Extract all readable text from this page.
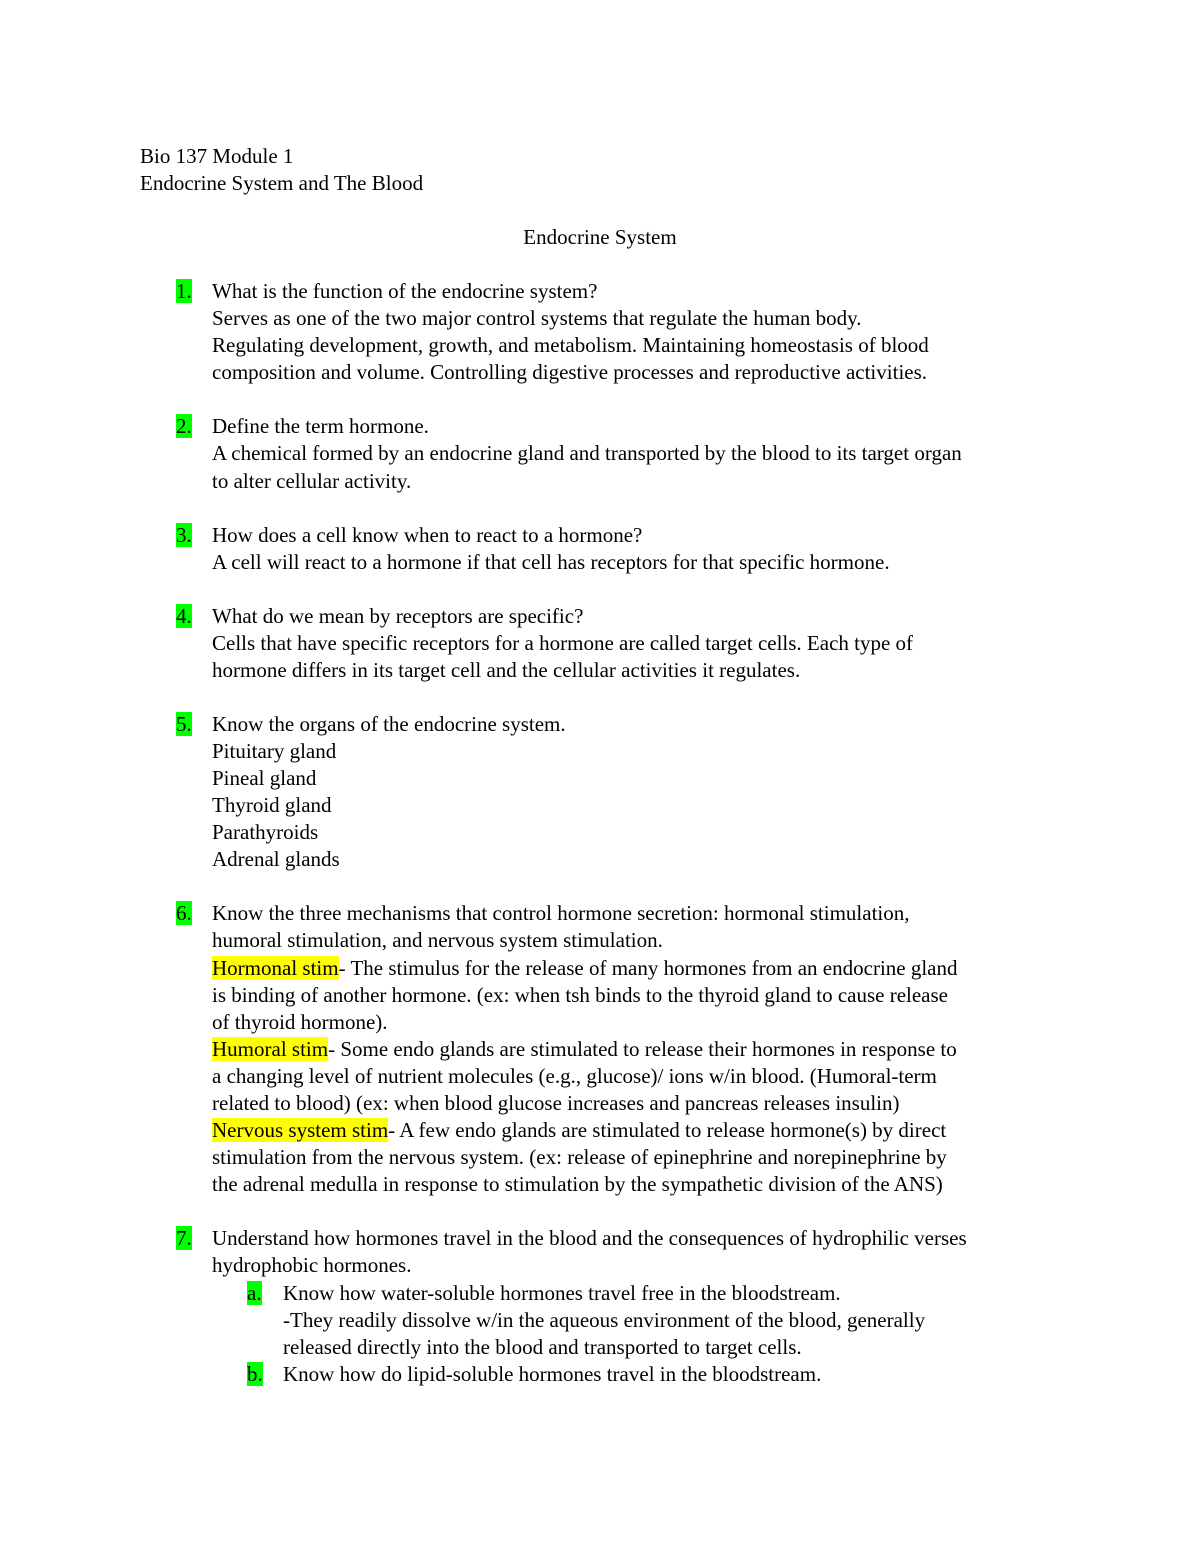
Bio 137 Module 1
Endocrine System and The Blood
Endocrine System
1. What is the function of the endocrine system?
Serves as one of the two major control systems that regulate the human body.
Regulating development, growth, and metabolism. Maintaining homeostasis of blood
composition and volume. Controlling digestive processes and reproductive activities.
2. Define the term hormone.
A chemical formed by an endocrine gland and transported by the blood to its target organ
to alter cellular activity.
3. How does a cell know when to react to a hormone?
A cell will react to a hormone if that cell has receptors for that specific hormone.
4. What do we mean by receptors are specific?
Cells that have specific receptors for a hormone are called target cells. Each type of
hormone differs in its target cell and the cellular activities it regulates.
5. Know the organs of the endocrine system.
Pituitary gland
Pineal gland
Thyroid gland
Parathyroids
Adrenal glands
6. Know the three mechanisms that control hormone secretion: hormonal stimulation,
humoral stimulation, and nervous system stimulation.
Hormonal stim- The stimulus for the release of many hormones from an endocrine gland
is binding of another hormone. (ex: when tsh binds to the thyroid gland to cause release
of thyroid hormone).
Humoral stim- Some endo glands are stimulated to release their hormones in response to
a changing level of nutrient molecules (e.g., glucose)/ ions w/in blood. (Humoral-term
related to blood) (ex: when blood glucose increases and pancreas releases insulin)
Nervous system stim- A few endo glands are stimulated to release hormone(s) by direct
stimulation from the nervous system. (ex: release of epinephrine and norepinephrine by
the adrenal medulla in response to stimulation by the sympathetic division of the ANS)
7. Understand how hormones travel in the blood and the consequences of hydrophilic verses
hydrophobic hormones.
a. Know how water-soluble hormones travel free in the bloodstream.
-They readily dissolve w/in the aqueous environment of the blood, generally
released directly into the blood and transported to target cells.
b. Know how do lipid-soluble hormones travel in the bloodstream.
